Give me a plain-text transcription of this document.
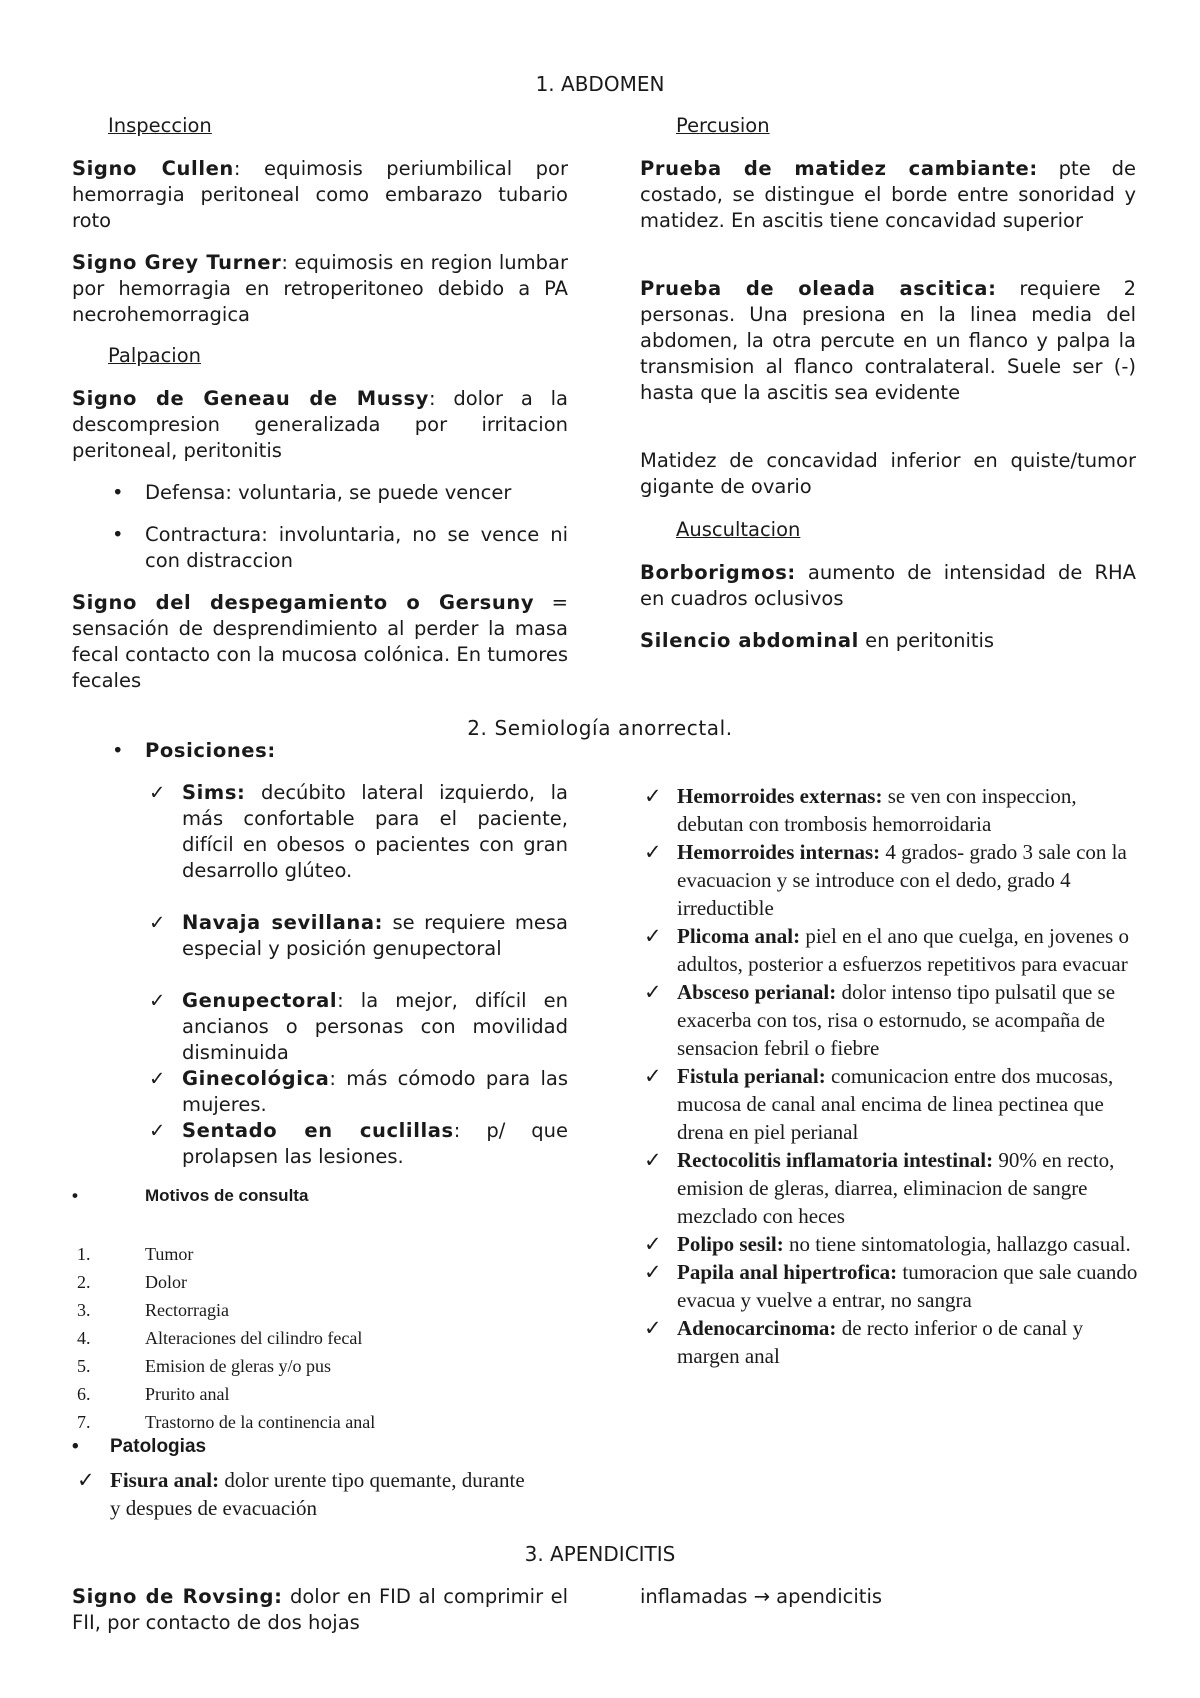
1. ABDOMEN
Inspeccion
Signo Cullen: equimosis periumbilical por hemorragia peritoneal como embarazo tubario roto
Signo Grey Turner: equimosis en region lumbar por hemorragia en retroperitoneo debido a PA necrohemorragica
Palpacion
Signo de Geneau de Mussy: dolor a la descompresion generalizada por irritacion peritoneal, peritonitis
• Defensa: voluntaria, se puede vencer
• Contractura: involuntaria, no se vence ni con distraccion
Signo del despegamiento o Gersuny = sensación de desprendimiento al perder la masa fecal contacto con la mucosa colónica. En tumores fecales
Percusion
Prueba de matidez cambiante: pte de costado, se distingue el borde entre sonoridad y matidez. En ascitis tiene concavidad superior
Prueba de oleada ascitica: requiere 2 personas. Una presiona en la linea media del abdomen, la otra percute en un flanco y palpa la transmision al flanco contralateral. Suele ser (-) hasta que la ascitis sea evidente
Matidez de concavidad inferior en quiste/tumor gigante de ovario
Auscultacion
Borborigmos: aumento de intensidad de RHA en cuadros oclusivos
Silencio abdominal en peritonitis
2. Semiología anorrectal.
• Posiciones:
✓ Sims: decúbito lateral izquierdo, la más confortable para el paciente, difícil en obesos o pacientes con gran desarrollo glúteo.
✓ Navaja sevillana: se requiere mesa especial y posición genupectoral
✓ Genupectoral: la mejor, difícil en ancianos o personas con movilidad disminuida
✓ Ginecológica: más cómodo para las mujeres.
✓ Sentado en cuclillas: p/ que prolapsen las lesiones.
•	Motivos de consulta
1.	Tumor
2.	Dolor
3.	Rectorragia
4.	Alteraciones del cilindro fecal
5.	Emision de gleras y/o pus
6.	Prurito anal
7.	Trastorno de la continencia anal
• Patologias
✓ Fisura anal: dolor urente tipo quemante, durante y despues de evacuación
✓ Hemorroides externas: se ven con inspeccion, debutan con trombosis hemorroidaria
✓ Hemorroides internas: 4 grados- grado 3 sale con la evacuacion y se introduce con el dedo, grado 4 irreductible
✓ Plicoma anal: piel en el ano que cuelga, en jovenes o adultos, posterior a esfuerzos repetitivos para evacuar
✓ Absceso perianal: dolor intenso tipo pulsatil que se exacerba con tos, risa o estornudo, se acompaña de sensacion febril o fiebre
✓ Fistula perianal: comunicacion entre dos mucosas, mucosa de canal anal encima de linea pectinea que drena en piel perianal
✓ Rectocolitis inflamatoria intestinal: 90% en recto, emision de gleras, diarrea, eliminacion de sangre mezclado con heces
✓ Polipo sesil: no tiene sintomatologia, hallazgo casual.
✓ Papila anal hipertrofica: tumoracion que sale cuando evacua y vuelve a entrar, no sangra
✓ Adenocarcinoma: de recto inferior o de canal y margen anal
3. APENDICITIS
Signo de Rovsing: dolor en FID al comprimir el FII, por contacto de dos hojas
inflamadas → apendicitis
